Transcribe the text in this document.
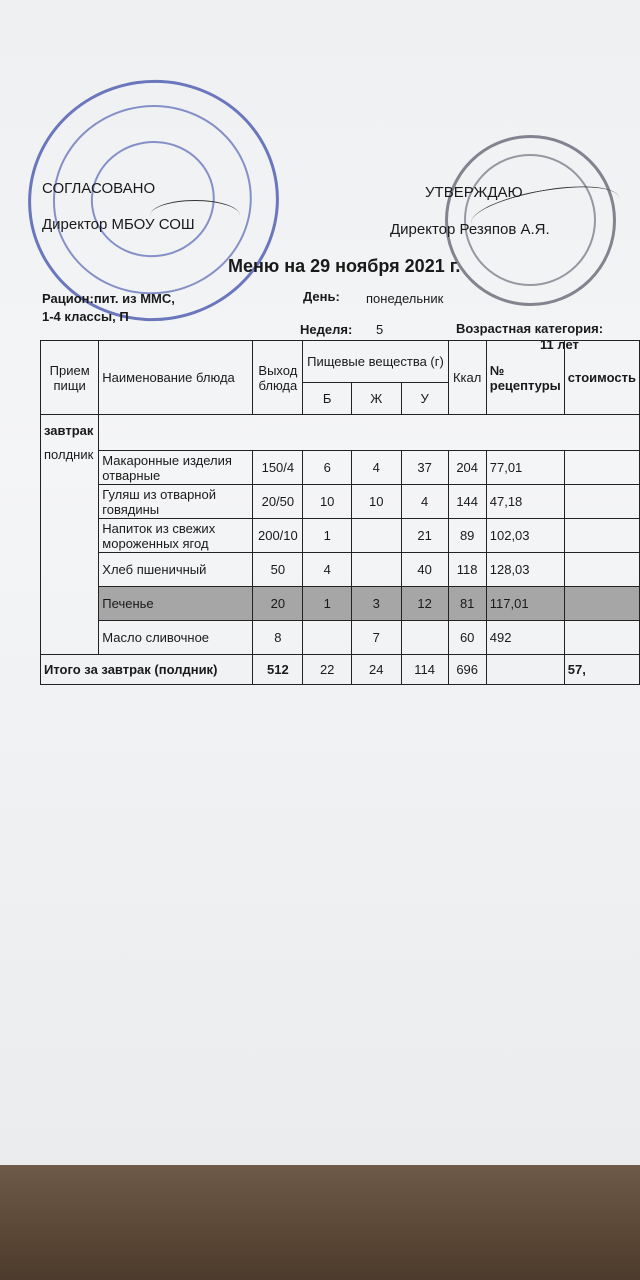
СОГЛАСОВАНО
Директор МБОУ СОШ
УТВЕРЖДАЮ
Директор Резяпов А.Я.
Меню на 29 ноября 2021 г.
Рацион:пит. из ММС,
1-4 классы, П
День: понедельник
Неделя: 5	Возрастная категория:
11 лет
Прием пищи	Наименование блюда	Выход блюда	Пищевые вещества (г)			Ккал	№ рецептуры	стоимость
			Б	Ж	У			

завтрак
полдник								

	Макаронные изделия отварные	150/4	6	4	37	204	77,01	
	Гуляш из отварной говядины	20/50	10	10	4	144	47,18	
	Напиток из свежих мороженных ягод	200/10	1		21	89	102,03	
	Хлеб пшеничный	50	4		40	118	128,03	
	Печенье	20	1	3	12	81	117,01	
	Масло сливочное	8		7		60	492	
Итого за завтрак (полдник)		512	22	24	114	696		57,
